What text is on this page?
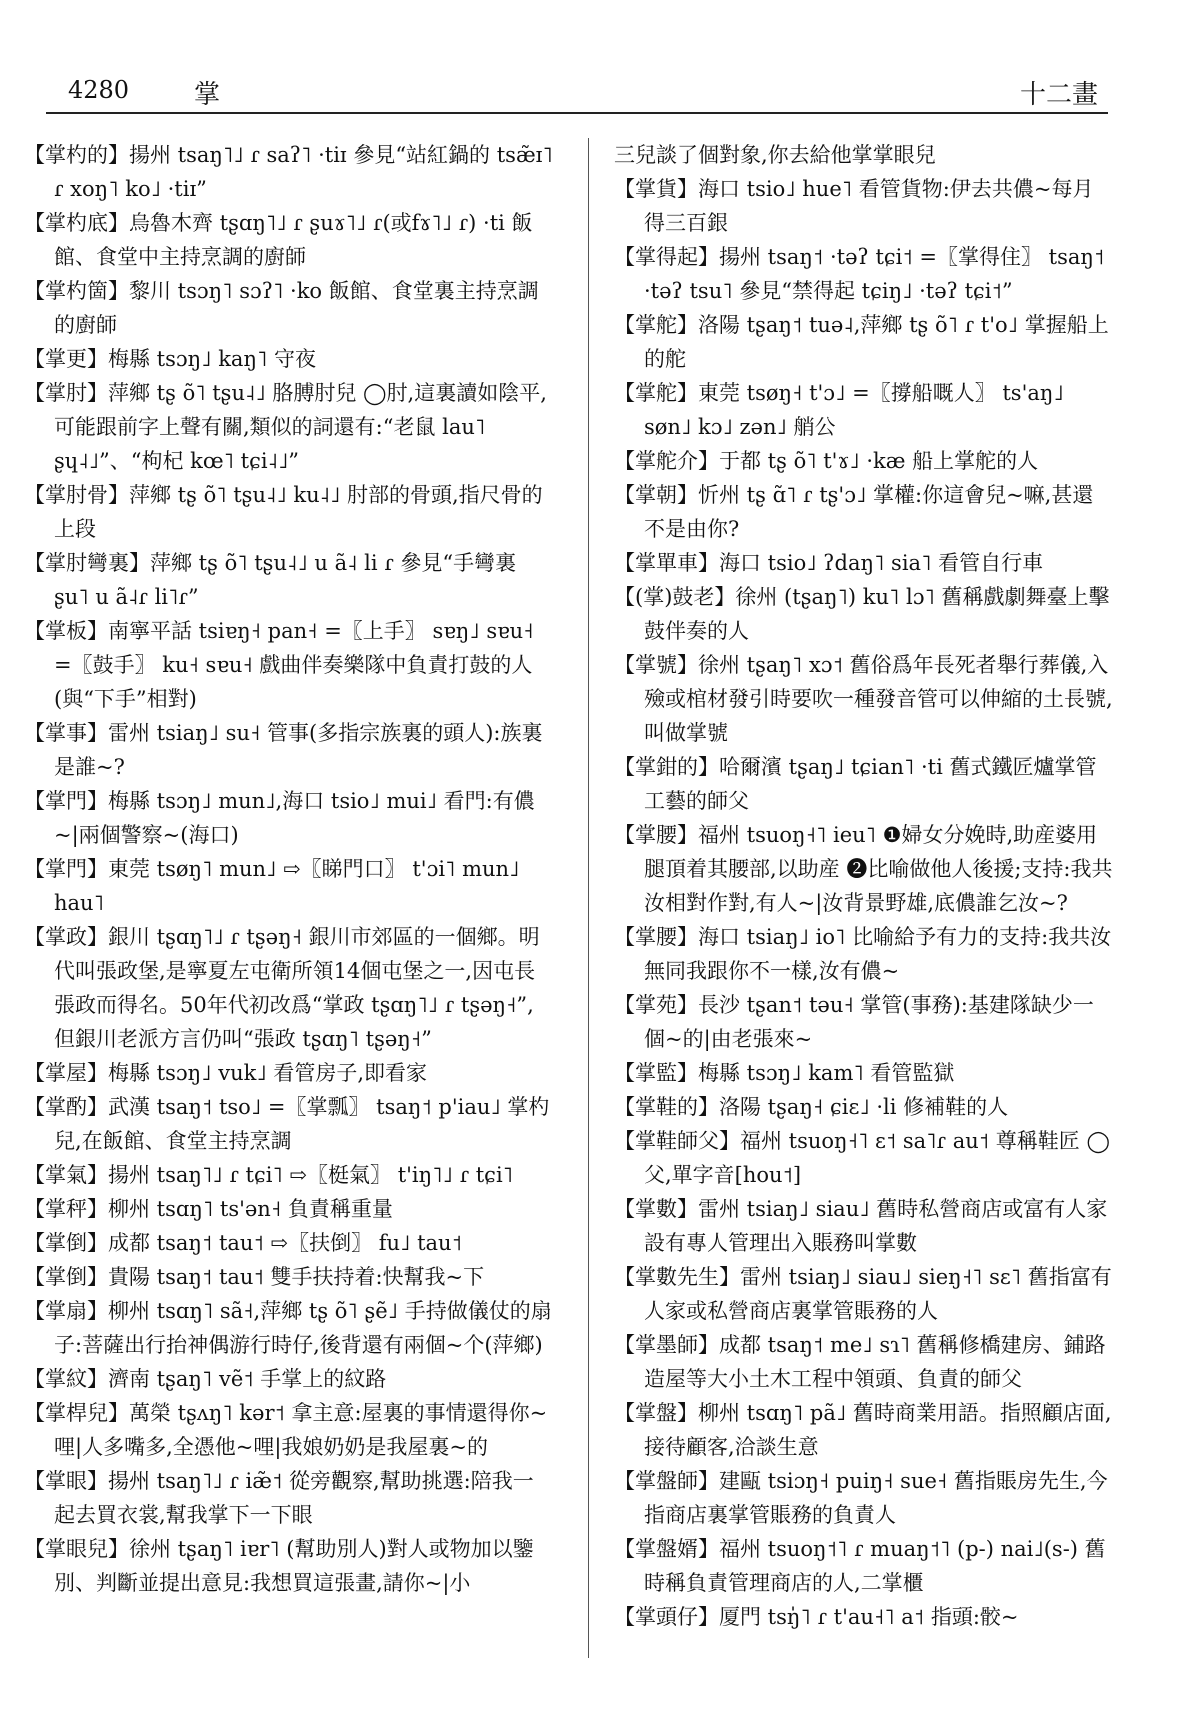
4280 掌	十二畫

【掌杓的】揚州 tsaŋ˥˩ ɾ saʔ˥ ·tiɪ 參見“站紅鍋的 tsæ̃ɪ˥ ɾ xoŋ˥ ko˩ ·tiɪ”

【掌杓底】烏魯木齊 tʂɑŋ˥˩ ɾ ʂuɤ˥˩ ɾ(或fɤ˥˩ ɾ) ·ti 飯館、食堂中主持烹調的廚師

【掌杓箇】黎川 tsɔŋ˥ sɔʔ˥ ·ko 飯館、食堂裏主持烹調的廚師

【掌更】梅縣 tsɔŋ˩ kaŋ˥ 守夜

【掌肘】萍鄉 tʂ õ˥ tʂu˨˩ 胳膊肘兒 ◯肘,這裏讀如陰平,可能跟前字上聲有關,類似的詞還有:“老鼠 lau˥ ʂɥ˨˩”、“枸杞 kœ˥ tɕi˨˩”

【掌肘骨】萍鄉 tʂ õ˥ tʂu˨˩ ku˨˩ 肘部的骨頭,指尺骨的上段

【掌肘彎裏】萍鄉 tʂ õ˥ tʂu˨˩ u ã˨ li ɾ 參見“手彎裏 ʂu˥ u ã˨ɾ li˥ɾ”

【掌板】南寧平話 tsiɐŋ˧ pan˧ =〖上手〗 sɐŋ˩ sɐu˧ =〖鼓手〗 ku˧ sɐu˧ 戲曲伴奏樂隊中負責打鼓的人(與“下手”相對)

【掌事】雷州 tsiaŋ˩ su˧ 管事(多指宗族裏的頭人):族裏是誰~?

【掌門】梅縣 tsɔŋ˩ mun˩,海口 tsio˩ mui˩ 看門:有儂~|兩個警察~(海口)

【掌門】東莞 tsøŋ˥ mun˩ ⇨〖睇門口〗 t'ɔi˥ mun˩ hau˥

【掌政】銀川 tʂɑŋ˥˩ ɾ tʂəŋ˧ 銀川市郊區的一個鄉。明代叫張政堡,是寧夏左屯衛所領14個屯堡之一,因屯長張政而得名。50年代初改爲“掌政 tʂɑŋ˥˩ ɾ tʂəŋ˧”,但銀川老派方言仍叫“張政 tʂɑŋ˥ tʂəŋ˧”

【掌屋】梅縣 tsɔŋ˩ vuk˩ 看管房子,即看家

【掌酌】武漢 tsaŋ˦ tso˩ =〖掌瓢〗 tsaŋ˦ p'iau˩ 掌杓兒,在飯館、食堂主持烹調

【掌氣】揚州 tsaŋ˥˩ ɾ tɕi˥ ⇨〖梃氣〗 t'iŋ˥˩ ɾ tɕi˥

【掌秤】柳州 tsɑŋ˥ ts'ən˧ 負責稱重量

【掌倒】成都 tsaŋ˦ tau˦ ⇨〖扶倒〗 fu˩ tau˦

【掌倒】貴陽 tsaŋ˦ tau˦ 雙手扶持着:快幫我~下

【掌扇】柳州 tsɑŋ˥ sã˧,萍鄉 tʂ õ˥ ʂẽ˩ 手持做儀仗的扇子:菩薩出行抬神偶游行時仔,後背還有兩個~个(萍鄉)

【掌紋】濟南 tʂaŋ˥ vẽ˦ 手掌上的紋路

【掌桿兒】萬榮 tʂʌŋ˥ kər˦ 拿主意:屋裏的事情還得你~哩|人多嘴多,全憑他~哩|我娘奶奶是我屋裏~的

【掌眼】揚州 tsaŋ˥˩ ɾ iæ̃˦ 從旁觀察,幫助挑選:陪我一起去買衣裳,幫我掌下一下眼

【掌眼兒】徐州 tʂaŋ˥ iɐr˥ (幫助別人)對人或物加以鑒別、判斷並提出意見:我想買這張畫,請你~|小

三兒談了個對象,你去給他掌掌眼兒

【掌貨】海口 tsio˩ hue˥ 看管貨物:伊去共儂~每月得三百銀

【掌得起】揚州 tsaŋ˦ ·təʔ tɕi˦ =〖掌得住〗 tsaŋ˦ ·təʔ tsu˥ 參見“禁得起 tɕiŋ˩ ·təʔ tɕi˦”

【掌舵】洛陽 tʂaŋ˦ tuə˨,萍鄉 tʂ õ˥ ɾ t'o˩ 掌握船上的舵

【掌舵】東莞 tsøŋ˧ t'ɔ˩ =〖撐船嘅人〗 ts'aŋ˩ søn˩ kɔ˩ zən˩ 艄公

【掌舵介】于都 tʂ õ˥ t'ɤ˩ ·kæ 船上掌舵的人

【掌朝】忻州 tʂ ɑ̃˥ ɾ tʂ'ɔ˩ 掌權:你這會兒~嘛,甚還不是由你?

【掌單車】海口 tsio˩ ʔdaŋ˥ sia˥ 看管自行車

【(掌)鼓老】徐州 (tʂaŋ˥) ku˥ lɔ˥ 舊稱戲劇舞臺上擊鼓伴奏的人

【掌號】徐州 tʂaŋ˥ xɔ˦ 舊俗爲年長死者舉行葬儀,入殮或棺材發引時要吹一種發音管可以伸縮的土長號,叫做掌號

【掌鉗的】哈爾濱 tʂaŋ˩ tɕian˥ ·ti 舊式鐵匠爐掌管工藝的師父

【掌腰】福州 tsuoŋ˧˥ ieu˥ ❶婦女分娩時,助産婆用腿頂着其腰部,以助産 ❷比喻做他人後援;支持:我共汝相對作對,有人~|汝背景野雄,底儂誰乞汝~?

【掌腰】海口 tsiaŋ˩ io˥ 比喻給予有力的支持:我共汝無同我跟你不一樣,汝有儂~

【掌苑】長沙 tʂan˦ təu˧ 掌管(事務):基建隊缺少一個~的|由老張來~

【掌監】梅縣 tsɔŋ˩ kam˥ 看管監獄

【掌鞋的】洛陽 tʂaŋ˧ ɕiɛ˩ ·li 修補鞋的人

【掌鞋師父】福州 tsuoŋ˧˥ ɛ˦ sa˥ɾ au˦ 尊稱鞋匠 ◯父,單字音[hou˦]

【掌數】雷州 tsiaŋ˩ siau˩ 舊時私營商店或富有人家設有專人管理出入賬務叫掌數

【掌數先生】雷州 tsiaŋ˩ siau˩ sieŋ˧˥ sɛ˥ 舊指富有人家或私營商店裏掌管賬務的人

【掌墨師】成都 tsaŋ˦ me˩ sɿ˥ 舊稱修橋建房、鋪路造屋等大小土木工程中領頭、負責的師父

【掌盤】柳州 tsɑŋ˥ pã˩ 舊時商業用語。指照顧店面,接待顧客,洽談生意

【掌盤師】建甌 tsiɔŋ˧ puiŋ˧ sue˧ 舊指賬房先生,今指商店裏掌管賬務的負責人

【掌盤婿】福州 tsuoŋ˦˥ ɾ muaŋ˦˥ (p-) nai˩(s-) 舊時稱負責管理商店的人,二掌櫃

【掌頭仔】厦門 tsŋ̍˥ ɾ t'au˧˥ a˦ 指頭:骹~
